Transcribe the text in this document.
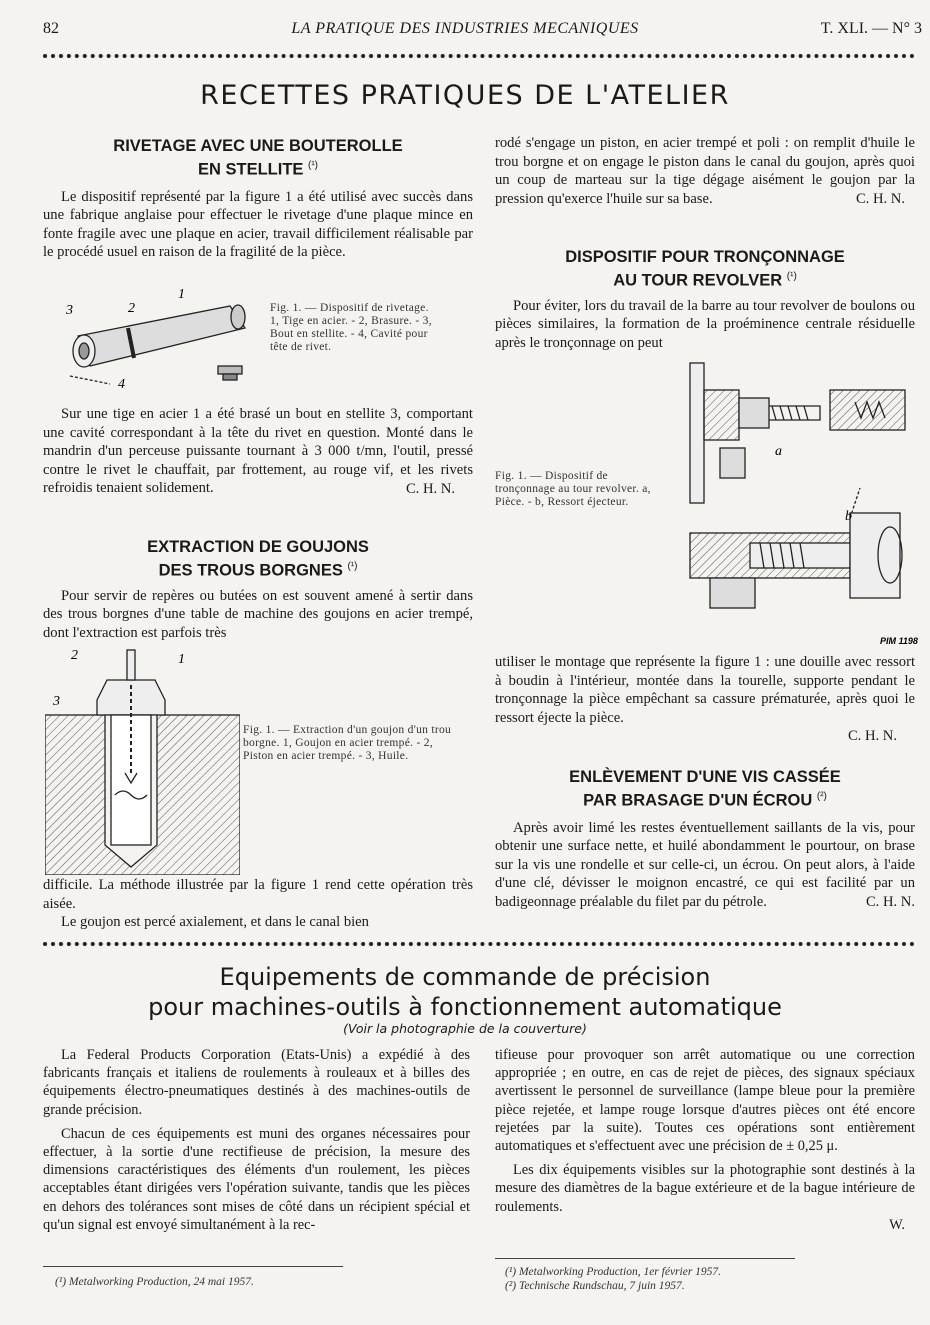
82	LA PRATIQUE DES INDUSTRIES MECANIQUES	T. XLI. — N° 3
RECETTES PRATIQUES DE L'ATELIER
RIVETAGE AVEC UNE BOUTEROLLE
EN STELLITE $^{(^1)}$

Le dispositif représenté par la figure 1 a été utilisé avec succès dans une fabrique anglaise pour effectuer le rivetage d'une plaque mince en fonte fragile avec une plaque en acier, travail difficilement réalisable par le procédé usuel en raison de la fragilité de la pièce.

1
2
3
4
Fig. 1. — Dispositif de rivetage. 1, Tige en acier. - 2, Brasure. - 3, Bout en stellite. - 4, Cavité pour tête de rivet.

Sur une tige en acier 1 a été brasé un bout en stellite 3, comportant une cavité correspondant à la tête du rivet en question. Monté dans le mandrin d'un perceuse puissante tournant à 3 000 t/mn, l'outil, pressé contre le rivet le chauffait, par frottement, au rouge vif, et les rivets refroidis tenaient solidement.	C. H. N.
EXTRACTION DE GOUJONS
DES TROUS BORGNES $^{(^1)}$

Pour servir de repères ou butées on est souvent amené à sertir dans des trous borgnes d'une table de machine des goujons en acier trempé, dont l'extraction est parfois très

2	1
3
Fig. 1. — Extraction d'un goujon d'un trou borgne. 1, Goujon en acier trempé. - 2, Piston en acier trempé. - 3, Huile.

difficile. La méthode illustrée par la figure 1 rend cette opération très aisée.

Le goujon est percé axialement, et dans le canal bien

rodé s'engage un piston, en acier trempé et poli : on remplit d'huile le trou borgne et on engage le piston dans le canal du goujon, après quoi un coup de marteau sur la tige dégage aisément le goujon par la pression qu'exerce l'huile sur sa base.	C. H. N.
DISPOSITIF POUR TRONÇONNAGE
AU TOUR REVOLVER $^{(^1)}$

Pour éviter, lors du travail de la barre au tour revolver de boulons ou pièces similaires, la formation de la proéminence centrale résiduelle après le tronçonnage on peut

a
b
PIM 1198
Fig. 1. — Dispositif de tronçonnage au tour revolver. a, Pièce. - b, Ressort éjecteur.

utiliser le montage que représente la figure 1 : une douille avec ressort à boudin à l'intérieur, montée dans la tourelle, supporte pendant le tronçonnage la pièce empêchant sa cassure prématurée, après quoi le ressort éjecte la pièce.

C. H. N.
ENLÈVEMENT D'UNE VIS CASSÉE
PAR BRASAGE D'UN ÉCROU $^{(^2)}$

Après avoir limé les restes éventuellement saillants de la vis, pour obtenir une surface nette, et huilé abondamment le pourtour, on brase sur la vis une rondelle et sur celle-ci, un écrou. On peut alors, à l'aide d'une clé, dévisser le moignon encastré, ce qui est facilité par un badigeonnage préalable du filet par du pétrole.	C. H. N.
Equipements de commande de précision
pour machines-outils à fonctionnement automatique
(Voir la photographie de la couverture)

La Federal Products Corporation (Etats-Unis) a expédié à des fabricants français et italiens de roulements à rouleaux et à billes des équipements électro-pneumatiques destinés à des machines-outils de grande précision.

Chacun de ces équipements est muni des organes nécessaires pour effectuer, à la sortie d'une rectifieuse de précision, la mesure des dimensions caractéristiques des éléments d'un roulement, les pièces acceptables étant dirigées vers l'opération suivante, tandis que les pièces en dehors des tolérances sont mises de côté dans un récipient spécial et qu'un signal est envoyé simultanément à la rec-

tifieuse pour provoquer son arrêt automatique ou une correction appropriée ; en outre, en cas de rejet de pièces, des signaux spéciaux avertissent le personnel de surveillance (lampe bleue pour la première pièce rejetée, et lampe rouge lorsque d'autres pièces ont été encore rejetées par la suite). Toutes ces opérations sont entièrement automatiques et s'effectuent avec une précision de ± 0,25 μ.

Les dix équipements visibles sur la photographie sont destinés à la mesure des diamètres de la bague extérieure et de la bague intérieure de roulements.

W.
(¹) Metalworking Production, 24 mai 1957.
(¹) Metalworking Production, 1er février 1957.
(²) Technische Rundschau, 7 juin 1957.
